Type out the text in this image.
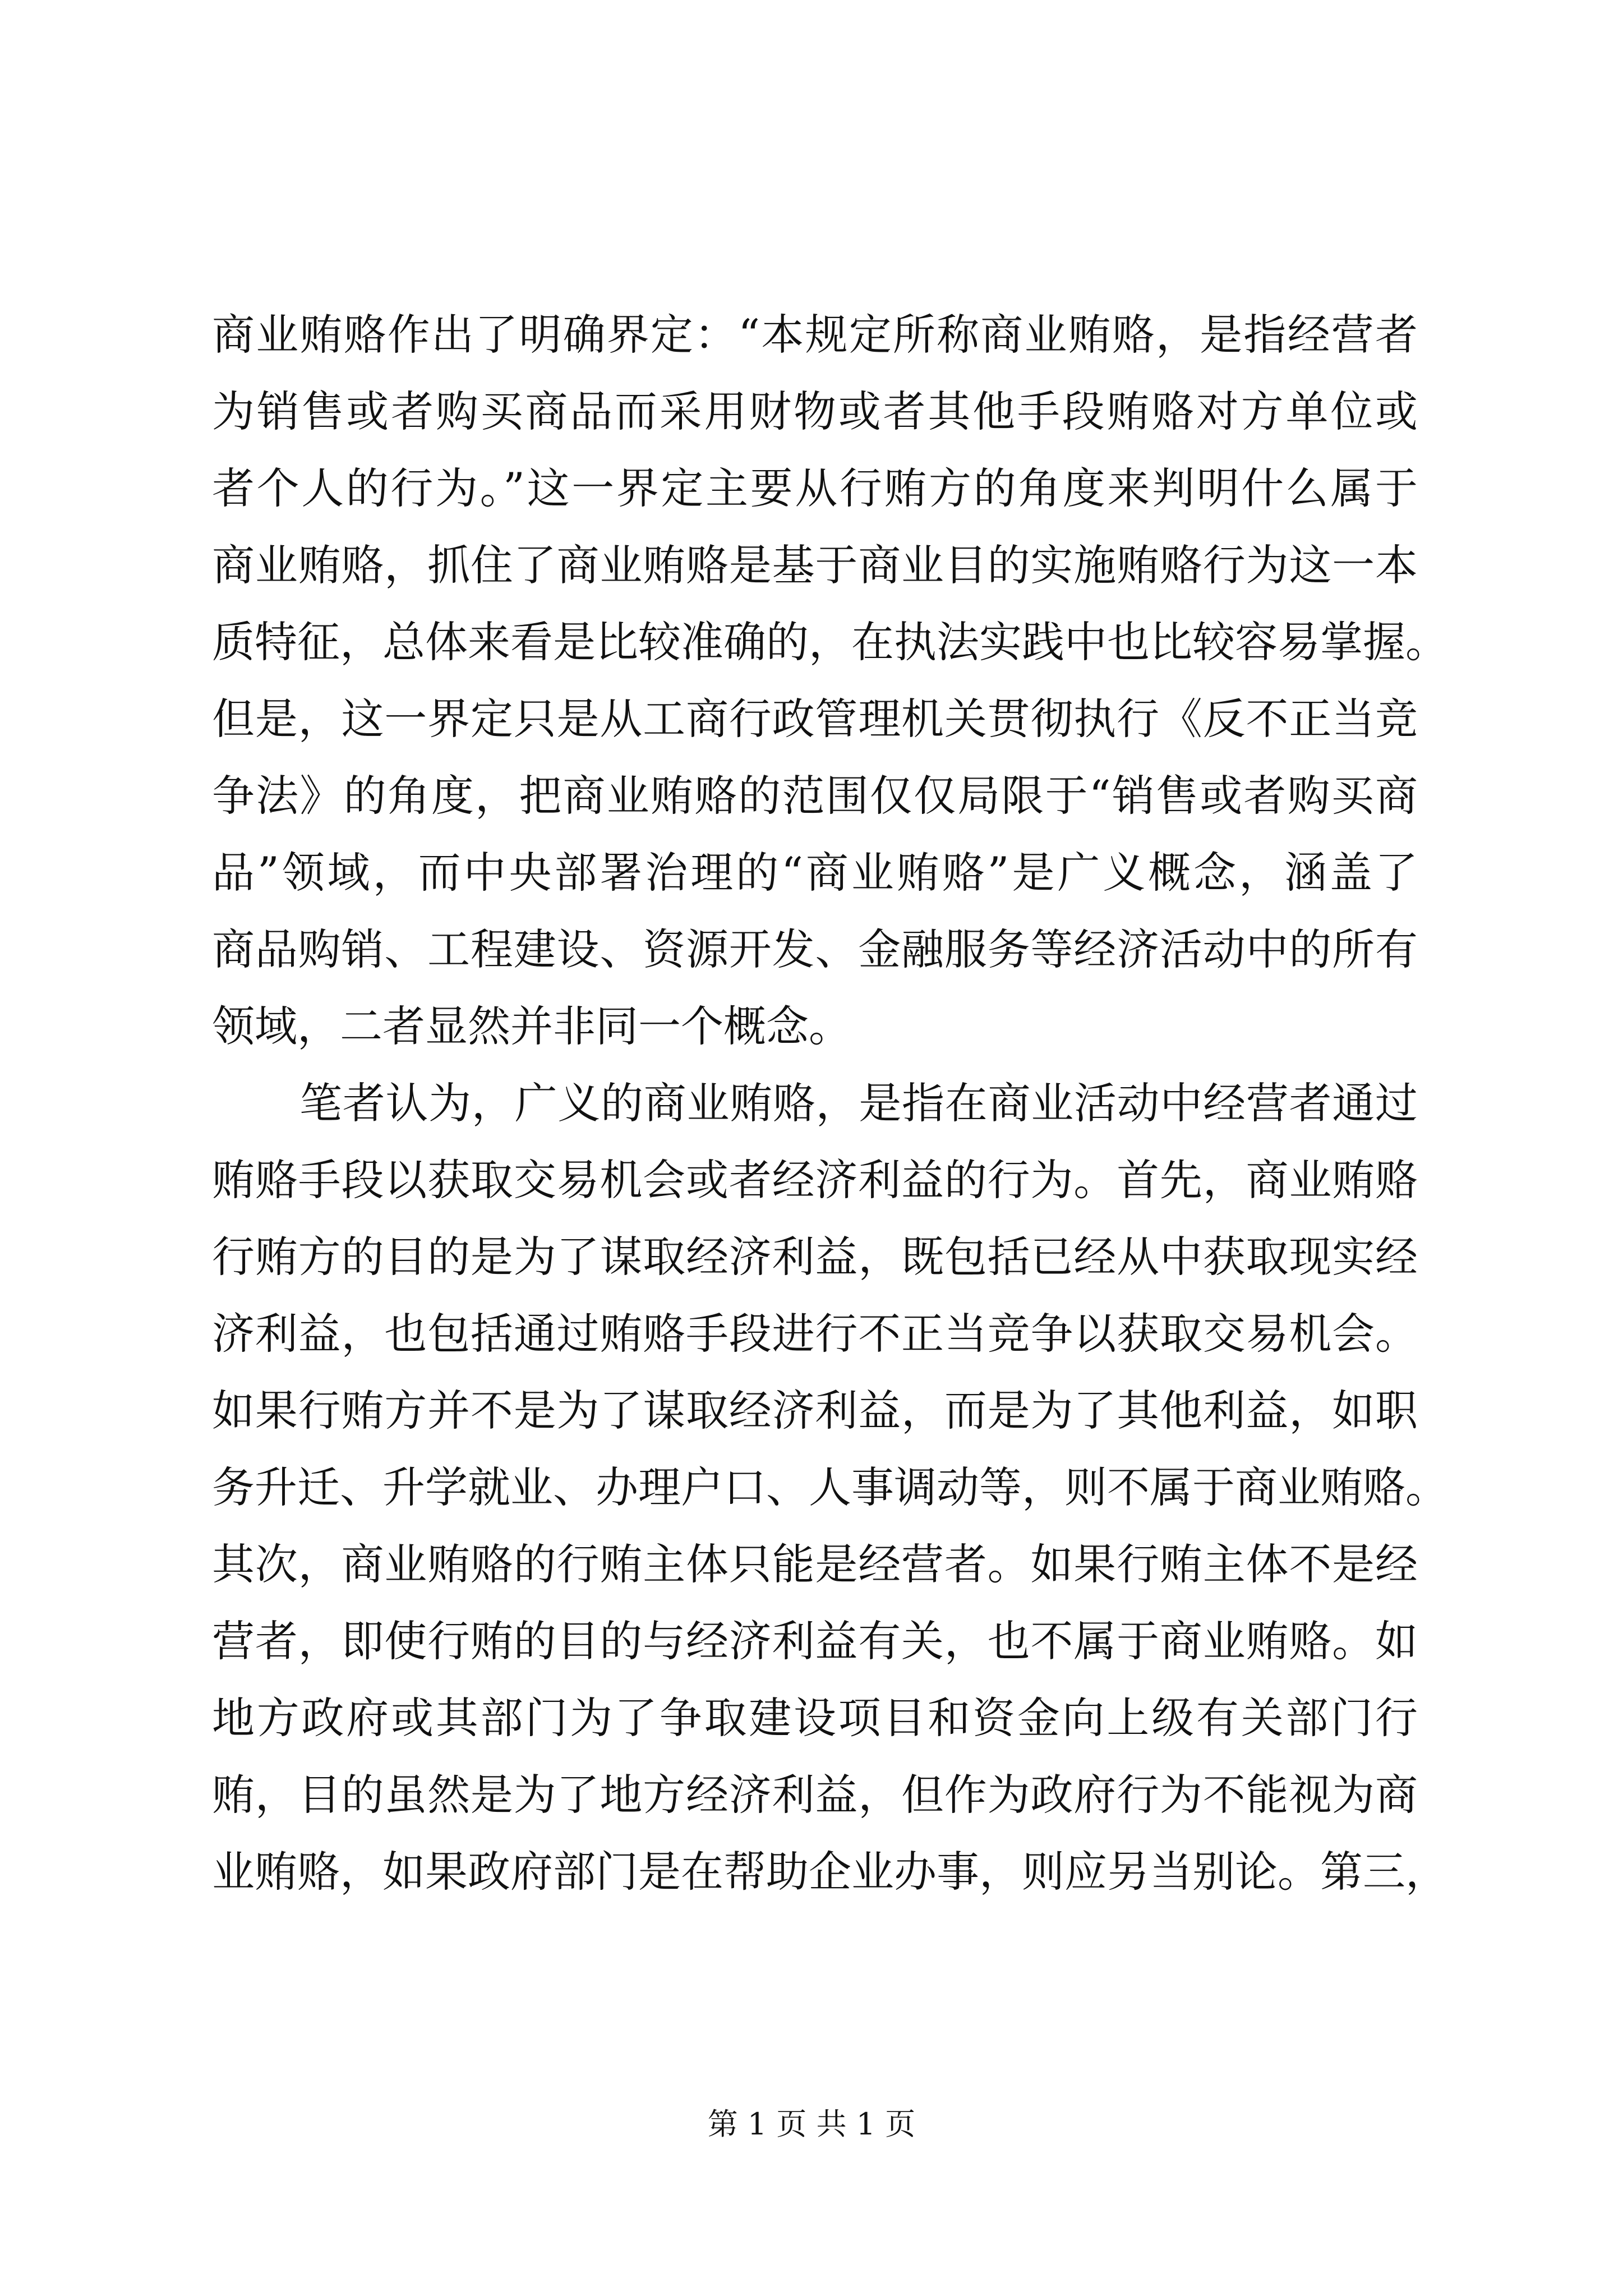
商业贿赂作出了明确界定：“本规定所称商业贿赂，是指经营者
为销售或者购买商品而采用财物或者其他手段贿赂对方单位或
者个人的行为。”这一界定主要从行贿方的角度来判明什么属于
商业贿赂，抓住了商业贿赂是基于商业目的实施贿赂行为这一本
质特征，总体来看是比较准确的，在执法实践中也比较容易掌握。
但是，这一界定只是从工商行政管理机关贯彻执行《反不正当竞
争法》的角度，把商业贿赂的范围仅仅局限于“销售或者购买商
品”领域，而中央部署治理的“商业贿赂”是广义概念，涵盖了
商品购销、工程建设、资源开发、金融服务等经济活动中的所有
领域，二者显然并非同一个概念。
笔者认为，广义的商业贿赂，是指在商业活动中经营者通过
贿赂手段以获取交易机会或者经济利益的行为。首先，商业贿赂
行贿方的目的是为了谋取经济利益，既包括已经从中获取现实经
济利益，也包括通过贿赂手段进行不正当竞争以获取交易机会。
如果行贿方并不是为了谋取经济利益，而是为了其他利益，如职
务升迁、升学就业、办理户口、人事调动等，则不属于商业贿赂。
其次，商业贿赂的行贿主体只能是经营者。如果行贿主体不是经
营者，即使行贿的目的与经济利益有关，也不属于商业贿赂。如
地方政府或其部门为了争取建设项目和资金向上级有关部门行
贿，目的虽然是为了地方经济利益，但作为政府行为不能视为商
业贿赂，如果政府部门是在帮助企业办事，则应另当别论。第三，
第 1 页 共 1 页
